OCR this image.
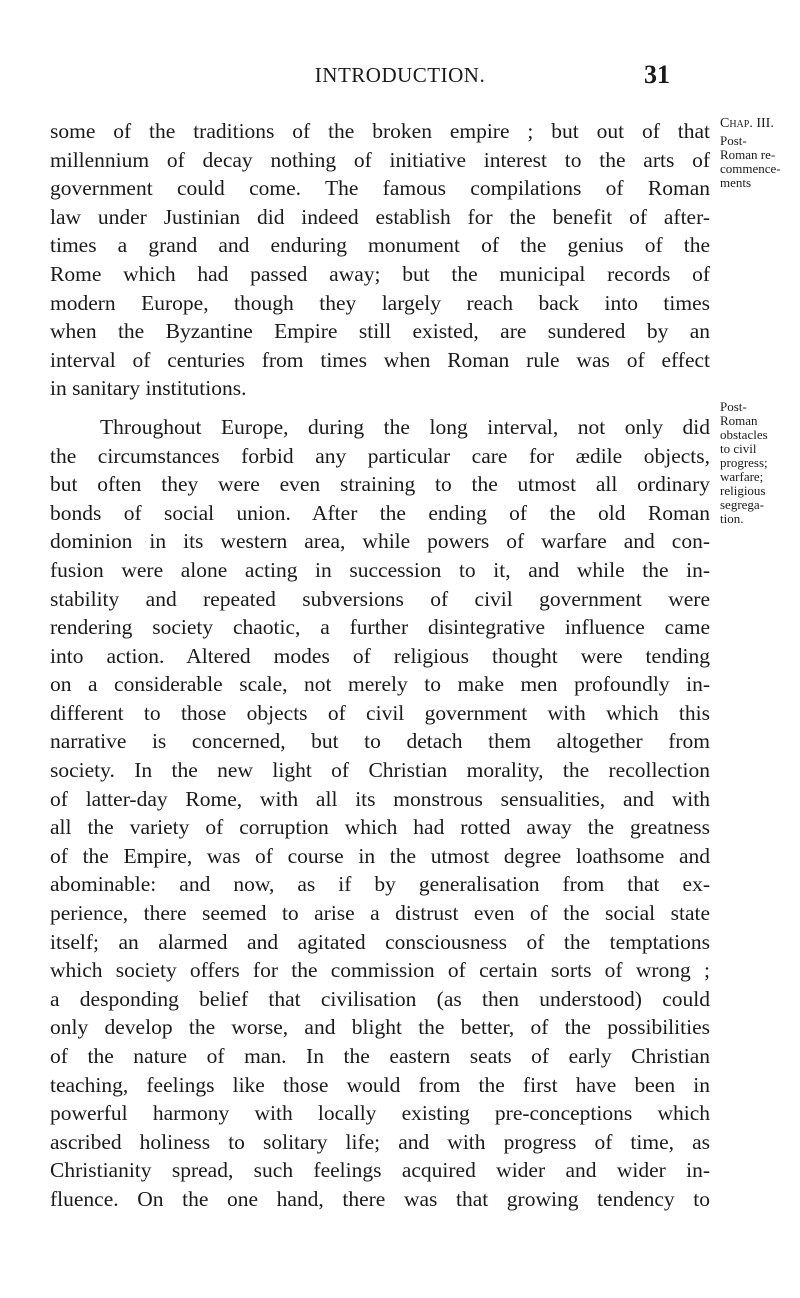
INTRODUCTION.	31
Chap. III.
Post-
Roman re-
commence-
ments
Post-
Roman
obstacles
to civil
progress;
warfare;
religious
segrega-
tion.
some of the traditions of the broken empire ; but out of that
millennium of decay nothing of initiative interest to the arts of
government could come. The famous compilations of Roman
law under Justinian did indeed establish for the benefit of after-
times a grand and enduring monument of the genius of the
Rome which had passed away; but the municipal records of
modern Europe, though they largely reach back into times
when the Byzantine Empire still existed, are sundered by an
interval of centuries from times when Roman rule was of effect
in sanitary institutions.
Throughout Europe, during the long interval, not only did
the circumstances forbid any particular care for ædile objects,
but often they were even straining to the utmost all ordinary
bonds of social union. After the ending of the old Roman
dominion in its western area, while powers of warfare and con-
fusion were alone acting in succession to it, and while the in-
stability and repeated subversions of civil government were
rendering society chaotic, a further disintegrative influence came
into action. Altered modes of religious thought were tending
on a considerable scale, not merely to make men profoundly in-
different to those objects of civil government with which this
narrative is concerned, but to detach them altogether from
society. In the new light of Christian morality, the recollection
of latter-day Rome, with all its monstrous sensualities, and with
all the variety of corruption which had rotted away the greatness
of the Empire, was of course in the utmost degree loathsome and
abominable: and now, as if by generalisation from that ex-
perience, there seemed to arise a distrust even of the social state
itself; an alarmed and agitated consciousness of the temptations
which society offers for the commission of certain sorts of wrong ;
a desponding belief that civilisation (as then understood) could
only develop the worse, and blight the better, of the possibilities
of the nature of man. In the eastern seats of early Christian
teaching, feelings like those would from the first have been in
powerful harmony with locally existing pre-conceptions which
ascribed holiness to solitary life; and with progress of time, as
Christianity spread, such feelings acquired wider and wider in-
fluence. On the one hand, there was that growing tendency to
